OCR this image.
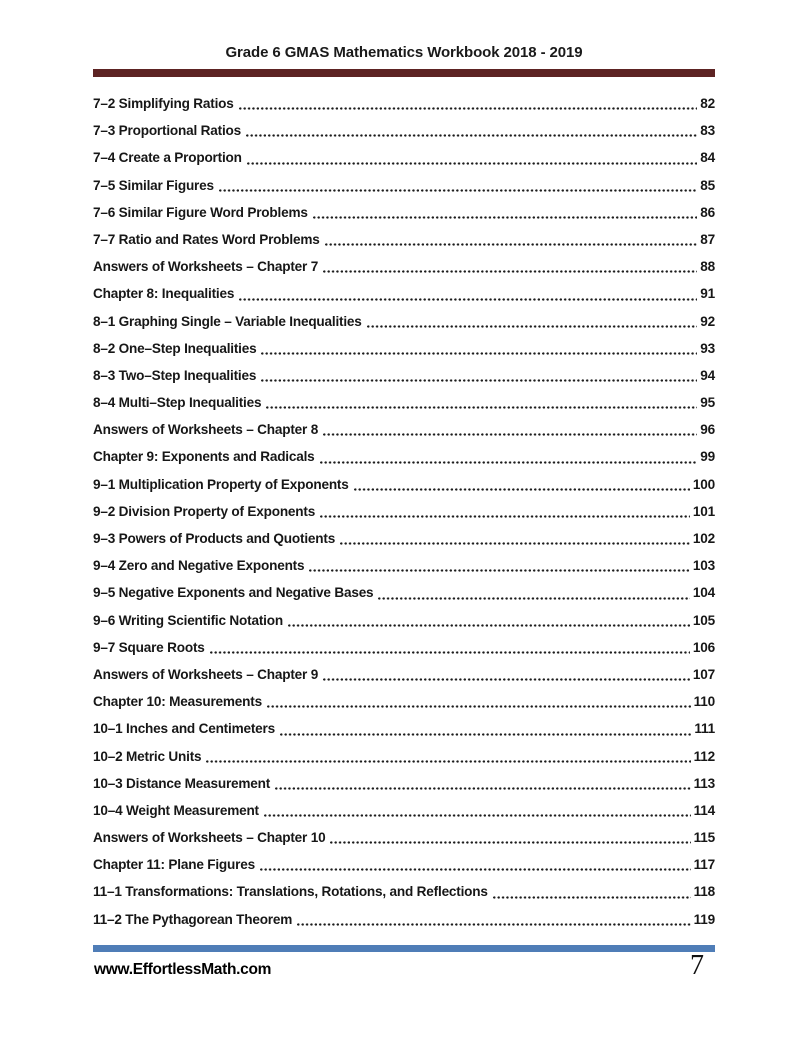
Grade 6 GMAS Mathematics Workbook 2018 - 2019
7–2 Simplifying Ratios	82
7–3 Proportional Ratios	83
7–4 Create a Proportion	84
7–5 Similar Figures	85
7–6 Similar Figure Word Problems	86
7–7 Ratio and Rates Word Problems	87
Answers of Worksheets – Chapter 7	88
Chapter 8: Inequalities	91
8–1 Graphing Single – Variable Inequalities	92
8–2 One–Step Inequalities	93
8–3 Two–Step Inequalities	94
8–4 Multi–Step Inequalities	95
Answers of Worksheets – Chapter 8	96
Chapter 9: Exponents and Radicals	99
9–1 Multiplication Property of Exponents	100
9–2 Division Property of Exponents	101
9–3 Powers of Products and Quotients	102
9–4 Zero and Negative Exponents	103
9–5 Negative Exponents and Negative Bases	104
9–6 Writing Scientific Notation	105
9–7 Square Roots	106
Answers of Worksheets – Chapter 9	107
Chapter 10: Measurements	110
10–1 Inches and Centimeters	111
10–2 Metric Units	112
10–3 Distance Measurement	113
10–4 Weight Measurement	114
Answers of Worksheets – Chapter 10	115
Chapter 11: Plane Figures	117
11–1 Transformations: Translations, Rotations, and Reflections	118
11–2 The Pythagorean Theorem	119
www.EffortlessMath.com	7
